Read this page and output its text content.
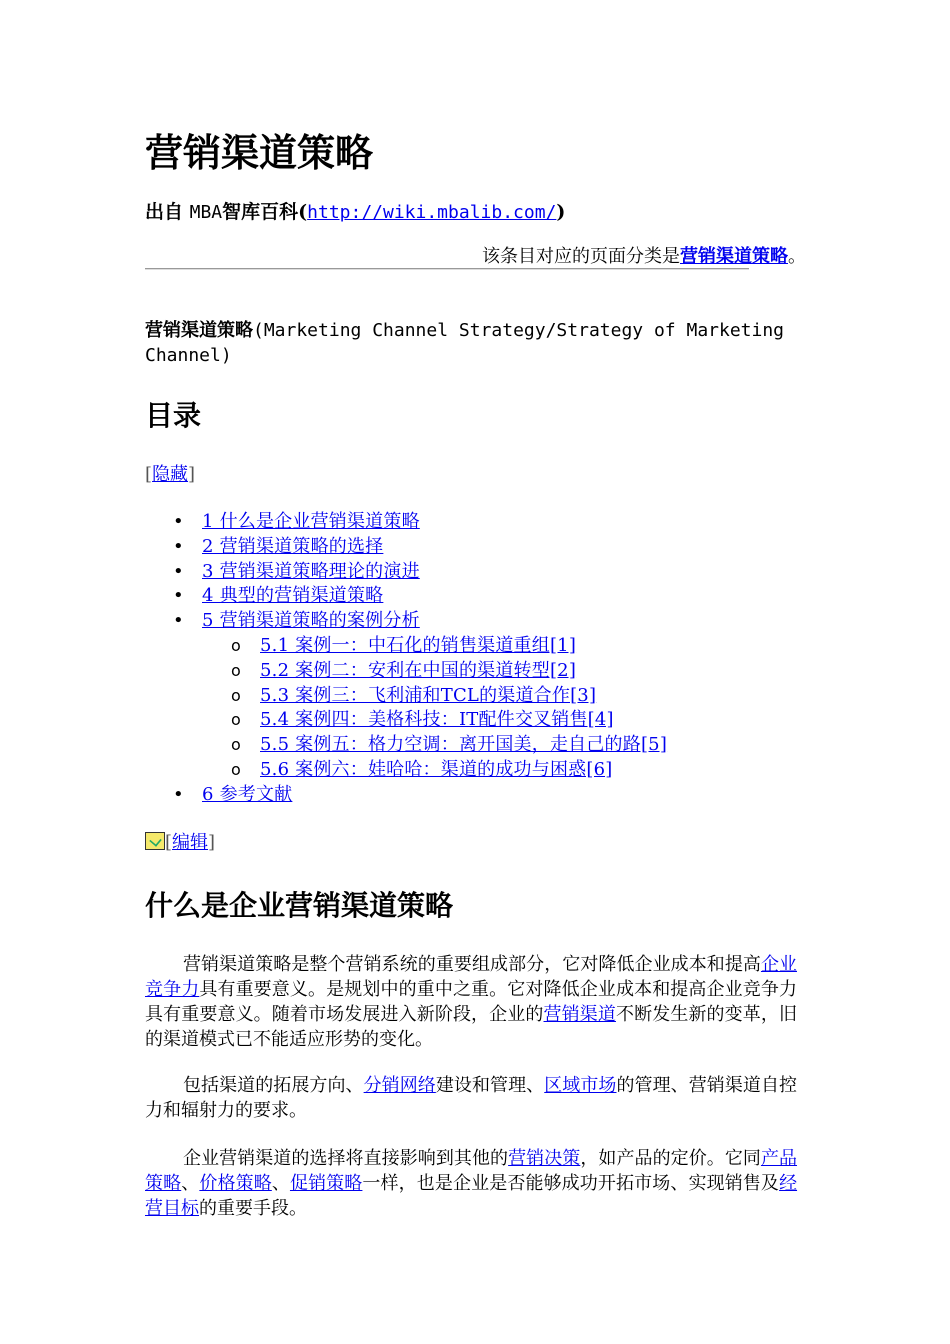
营销渠道策略
出自 MBA智库百科(http://wiki.mbalib.com/)
该条目对应的页面分类是营销渠道策略。

营销渠道策略(Marketing Channel Strategy/Strategy of Marketing Channel)

目录
[隐藏]
• 1 什么是企业营销渠道策略
• 2 营销渠道策略的选择
• 3 营销渠道策略理论的演进
• 4 典型的营销渠道策略
• 5 营销渠道策略的案例分析
o 5.1 案例一：中石化的销售渠道重组[1]
o 5.2 案例二：安利在中国的渠道转型[2]
o 5.3 案例三：飞利浦和TCL的渠道合作[3]
o 5.4 案例四：美格科技：IT配件交叉销售[4]
o 5.5 案例五：格力空调：离开国美，走自己的路[5]
o 5.6 案例六：娃哈哈：渠道的成功与困惑[6]
• 6 参考文献
[编辑]
什么是企业营销渠道策略

营销渠道策略是整个营销系统的重要组成部分，它对降低企业成本和提高企业竞争力具有重要意义。是规划中的重中之重。它对降低企业成本和提高企业竞争力具有重要意义。随着市场发展进入新阶段，企业的营销渠道不断发生新的变革，旧的渠道模式已不能适应形势的变化。

包括渠道的拓展方向、分销网络建设和管理、区域市场的管理、营销渠道自控力和辐射力的要求。

企业营销渠道的选择将直接影响到其他的营销决策，如产品的定价。它同产品策略、价格策略、促销策略一样，也是企业是否能够成功开拓市场、实现销售及经营目标的重要手段。
